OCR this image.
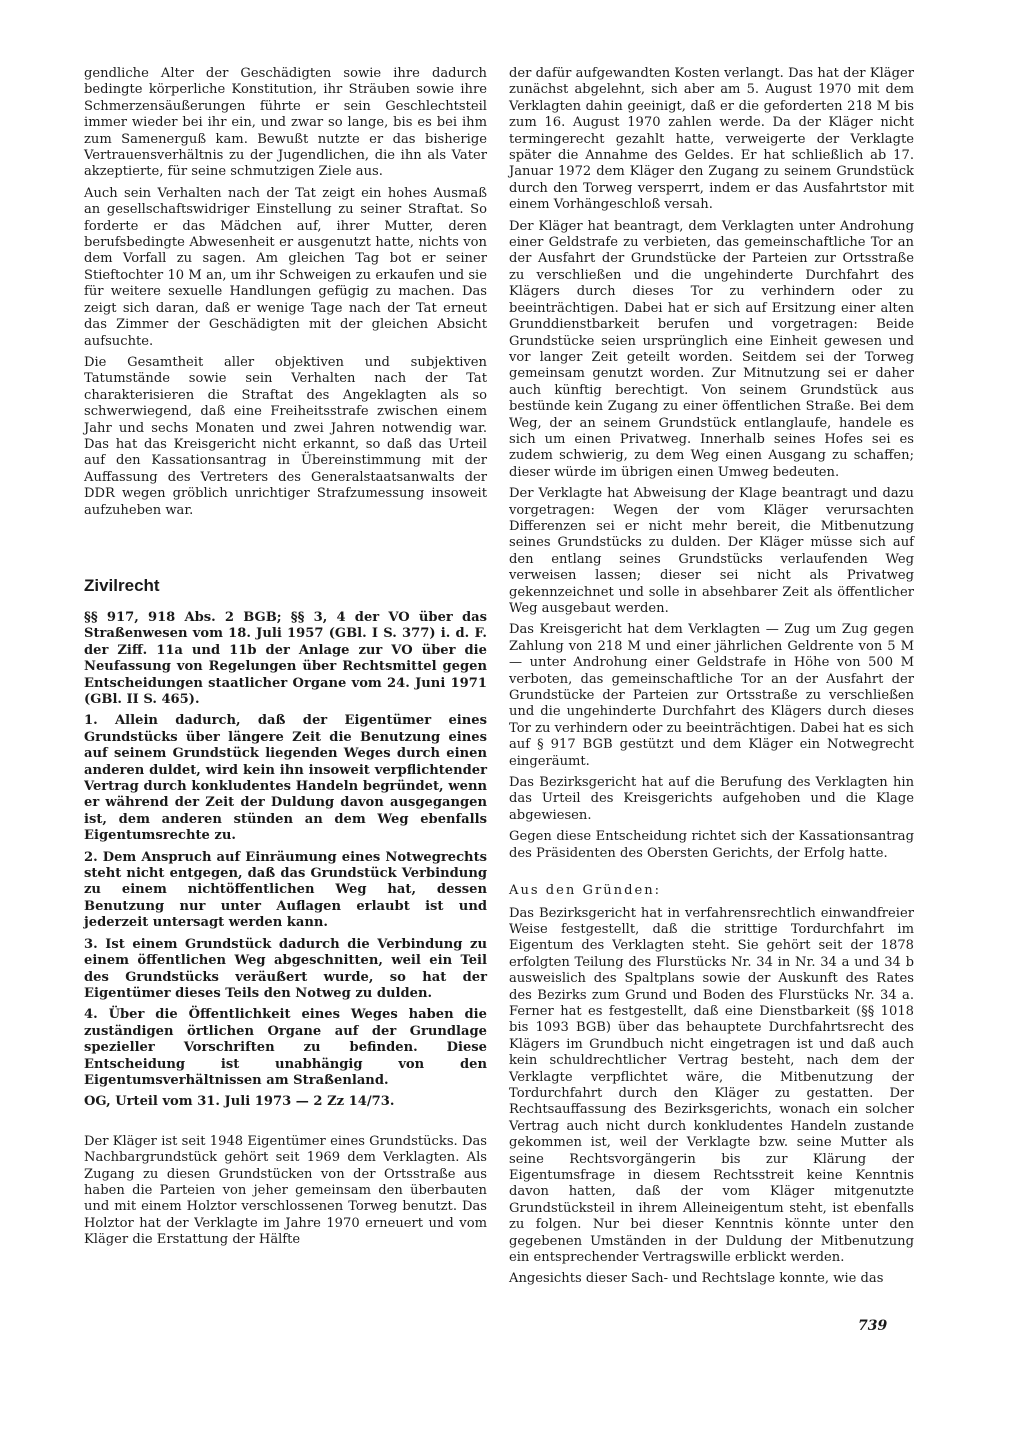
gendliche Alter der Geschädigten sowie ihre dadurch bedingte körperliche Konstitution, ihr Sträuben sowie ihre Schmerzensäußerungen führte er sein Geschlechtsteil immer wieder bei ihr ein, und zwar so lange, bis es bei ihm zum Samenerguß kam. Bewußt nutzte er das bisherige Vertrauensverhältnis zu der Jugendlichen, die ihn als Vater akzeptierte, für seine schmutzigen Ziele aus.

Auch sein Verhalten nach der Tat zeigt ein hohes Ausmaß an gesellschaftswidriger Einstellung zu seiner Straftat. So forderte er das Mädchen auf, ihrer Mutter, deren berufsbedingte Abwesenheit er ausgenutzt hatte, nichts von dem Vorfall zu sagen. Am gleichen Tag bot er seiner Stieftochter 10 M an, um ihr Schweigen zu erkaufen und sie für weitere sexuelle Handlungen gefügig zu machen. Das zeigt sich daran, daß er wenige Tage nach der Tat erneut das Zimmer der Geschädigten mit der gleichen Absicht aufsuchte.

Die Gesamtheit aller objektiven und subjektiven Tatumstände sowie sein Verhalten nach der Tat charakterisieren die Straftat des Angeklagten als so schwerwiegend, daß eine Freiheitsstrafe zwischen einem Jahr und sechs Monaten und zwei Jahren notwendig war. Das hat das Kreisgericht nicht erkannt, so daß das Urteil auf den Kassationsantrag in Übereinstimmung mit der Auffassung des Vertreters des Generalstaatsanwalts der DDR wegen gröblich unrichtiger Strafzumessung insoweit aufzuheben war.

Zivilrecht

§§ 917, 918 Abs. 2 BGB; §§ 3, 4 der VO über das Straßenwesen vom 18. Juli 1957 (GBl. I S. 377) i. d. F. der Ziff. 11a und 11b der Anlage zur VO über die Neufassung von Regelungen über Rechtsmittel gegen Entscheidungen staatlicher Organe vom 24. Juni 1971 (GBl. II S. 465).

1. Allein dadurch, daß der Eigentümer eines Grundstücks über längere Zeit die Benutzung eines auf seinem Grundstück liegenden Weges durch einen anderen duldet, wird kein ihn insoweit verpflichtender Vertrag durch konkludentes Handeln begründet, wenn er während der Zeit der Duldung davon ausgegangen ist, dem anderen stünden an dem Weg ebenfalls Eigentumsrechte zu.

2. Dem Anspruch auf Einräumung eines Notwegrechts steht nicht entgegen, daß das Grundstück Verbindung zu einem nichtöffentlichen Weg hat, dessen Benutzung nur unter Auflagen erlaubt ist und jederzeit untersagt werden kann.

3. Ist einem Grundstück dadurch die Verbindung zu einem öffentlichen Weg abgeschnitten, weil ein Teil des Grundstücks veräußert wurde, so hat der Eigentümer dieses Teils den Notweg zu dulden.

4. Über die Öffentlichkeit eines Weges haben die zuständigen örtlichen Organe auf der Grundlage spezieller Vorschriften zu befinden. Diese Entscheidung ist unabhängig von den Eigentumsverhältnissen am Straßenland.

OG, Urteil vom 31. Juli 1973 — 2 Zz 14/73.

Der Kläger ist seit 1948 Eigentümer eines Grundstücks. Das Nachbargrundstück gehört seit 1969 dem Verklagten. Als Zugang zu diesen Grundstücken von der Ortsstraße aus haben die Parteien von jeher gemeinsam den überbauten und mit einem Holztor verschlossenen Torweg benutzt. Das Holztor hat der Verklagte im Jahre 1970 erneuert und vom Kläger die Erstattung der Hälfte

der dafür aufgewandten Kosten verlangt. Das hat der Kläger zunächst abgelehnt, sich aber am 5. August 1970 mit dem Verklagten dahin geeinigt, daß er die geforderten 218 M bis zum 16. August 1970 zahlen werde. Da der Kläger nicht termingerecht gezahlt hatte, verweigerte der Verklagte später die Annahme des Geldes. Er hat schließlich ab 17. Januar 1972 dem Kläger den Zugang zu seinem Grundstück durch den Torweg versperrt, indem er das Ausfahrtstor mit einem Vorhängeschloß versah.

Der Kläger hat beantragt, dem Verklagten unter Androhung einer Geldstrafe zu verbieten, das gemeinschaftliche Tor an der Ausfahrt der Grundstücke der Parteien zur Ortsstraße zu verschließen und die ungehinderte Durchfahrt des Klägers durch dieses Tor zu verhindern oder zu beeinträchtigen. Dabei hat er sich auf Ersitzung einer alten Grunddienstbarkeit berufen und vorgetragen: Beide Grundstücke seien ursprünglich eine Einheit gewesen und vor langer Zeit geteilt worden. Seitdem sei der Torweg gemeinsam genutzt worden. Zur Mitnutzung sei er daher auch künftig berechtigt. Von seinem Grundstück aus bestünde kein Zugang zu einer öffentlichen Straße. Bei dem Weg, der an seinem Grundstück entlanglaufe, handele es sich um einen Privatweg. Innerhalb seines Hofes sei es zudem schwierig, zu dem Weg einen Ausgang zu schaffen; dieser würde im übrigen einen Umweg bedeuten.

Der Verklagte hat Abweisung der Klage beantragt und dazu vorgetragen: Wegen der vom Kläger verursachten Differenzen sei er nicht mehr bereit, die Mitbenutzung seines Grundstücks zu dulden. Der Kläger müsse sich auf den entlang seines Grundstücks verlaufenden Weg verweisen lassen; dieser sei nicht als Privatweg gekennzeichnet und solle in absehbarer Zeit als öffentlicher Weg ausgebaut werden.

Das Kreisgericht hat dem Verklagten — Zug um Zug gegen Zahlung von 218 M und einer jährlichen Geldrente von 5 M — unter Androhung einer Geldstrafe in Höhe von 500 M verboten, das gemeinschaftliche Tor an der Ausfahrt der Grundstücke der Parteien zur Ortsstraße zu verschließen und die ungehinderte Durchfahrt des Klägers durch dieses Tor zu verhindern oder zu beeinträchtigen. Dabei hat es sich auf § 917 BGB gestützt und dem Kläger ein Notwegrecht eingeräumt.

Das Bezirksgericht hat auf die Berufung des Verklagten hin das Urteil des Kreisgerichts aufgehoben und die Klage abgewiesen.

Gegen diese Entscheidung richtet sich der Kassationsantrag des Präsidenten des Obersten Gerichts, der Erfolg hatte.

Aus den Gründen:

Das Bezirksgericht hat in verfahrensrechtlich einwandfreier Weise festgestellt, daß die strittige Tordurchfahrt im Eigentum des Verklagten steht. Sie gehört seit der 1878 erfolgten Teilung des Flurstücks Nr. 34 in Nr. 34 a und 34 b ausweislich des Spaltplans sowie der Auskunft des Rates des Bezirks zum Grund und Boden des Flurstücks Nr. 34 a. Ferner hat es festgestellt, daß eine Dienstbarkeit (§§ 1018 bis 1093 BGB) über das behauptete Durchfahrtsrecht des Klägers im Grundbuch nicht eingetragen ist und daß auch kein schuldrechtlicher Vertrag besteht, nach dem der Verklagte verpflichtet wäre, die Mitbenutzung der Tordurchfahrt durch den Kläger zu gestatten. Der Rechtsauffassung des Bezirksgerichts, wonach ein solcher Vertrag auch nicht durch konkludentes Handeln zustande gekommen ist, weil der Verklagte bzw. seine Mutter als seine Rechtsvorgängerin bis zur Klärung der Eigentumsfrage in diesem Rechtsstreit keine Kenntnis davon hatten, daß der vom Kläger mitgenutzte Grundstücksteil in ihrem Alleineigentum steht, ist ebenfalls zu folgen. Nur bei dieser Kenntnis könnte unter den gegebenen Umständen in der Duldung der Mitbenutzung ein entsprechender Vertragswille erblickt werden.

Angesichts dieser Sach- und Rechtslage konnte, wie das

739
